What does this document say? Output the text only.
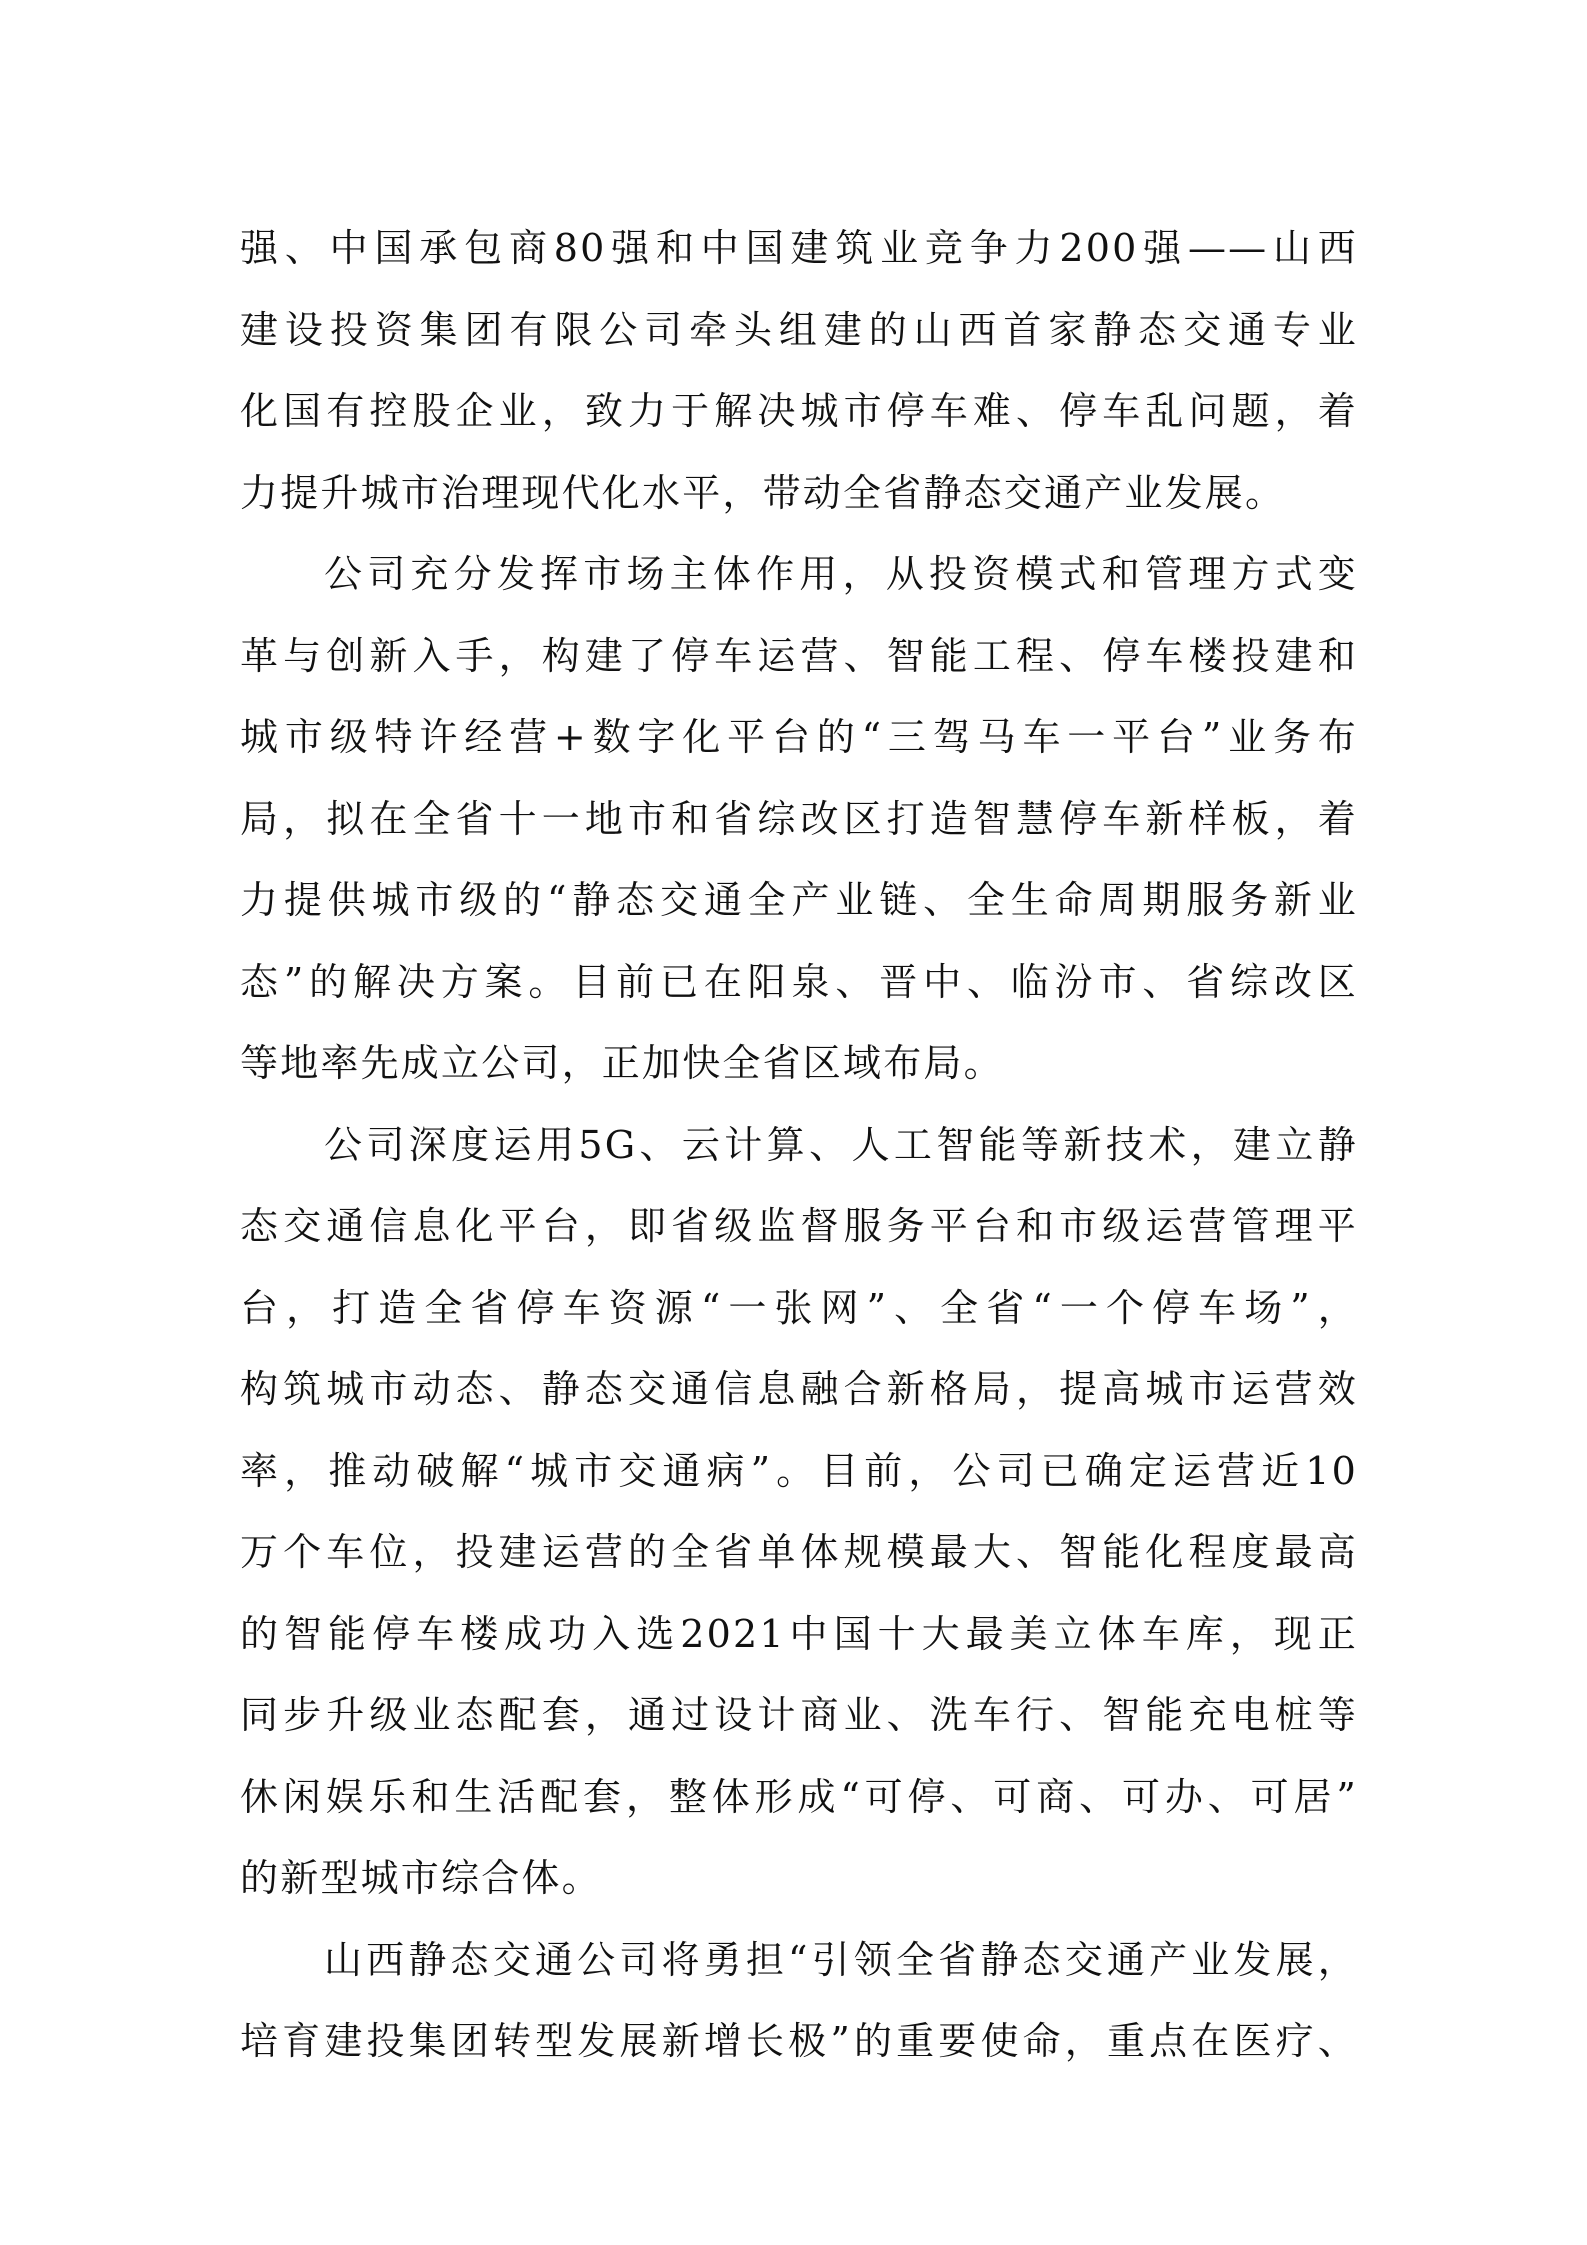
强、中国承包商80强和中国建筑业竞争力200强——山西
建设投资集团有限公司牵头组建的山西首家静态交通专业
化国有控股企业，致力于解决城市停车难、停车乱问题，着
力提升城市治理现代化水平，带动全省静态交通产业发展。
公司充分发挥市场主体作用，从投资模式和管理方式变
革与创新入手，构建了停车运营、智能工程、停车楼投建和
城市级特许经营+数字化平台的“三驾马车一平台”业务布
局，拟在全省十一地市和省综改区打造智慧停车新样板，着
力提供城市级的“静态交通全产业链、全生命周期服务新业
态”的解决方案。目前已在阳泉、晋中、临汾市、省综改区
等地率先成立公司，正加快全省区域布局。
公司深度运用5G、云计算、人工智能等新技术，建立静
态交通信息化平台，即省级监督服务平台和市级运营管理平
台，打造全省停车资源“一张网”、全省“一个停车场”，
构筑城市动态、静态交通信息融合新格局，提高城市运营效
率，推动破解“城市交通病”。目前，公司已确定运营近10
万个车位，投建运营的全省单体规模最大、智能化程度最高
的智能停车楼成功入选2021中国十大最美立体车库，现正
同步升级业态配套，通过设计商业、洗车行、智能充电桩等
休闲娱乐和生活配套，整体形成“可停、可商、可办、可居”
的新型城市综合体。
山西静态交通公司将勇担“引领全省静态交通产业发展，
培育建投集团转型发展新增长极”的重要使命，重点在医疗、
